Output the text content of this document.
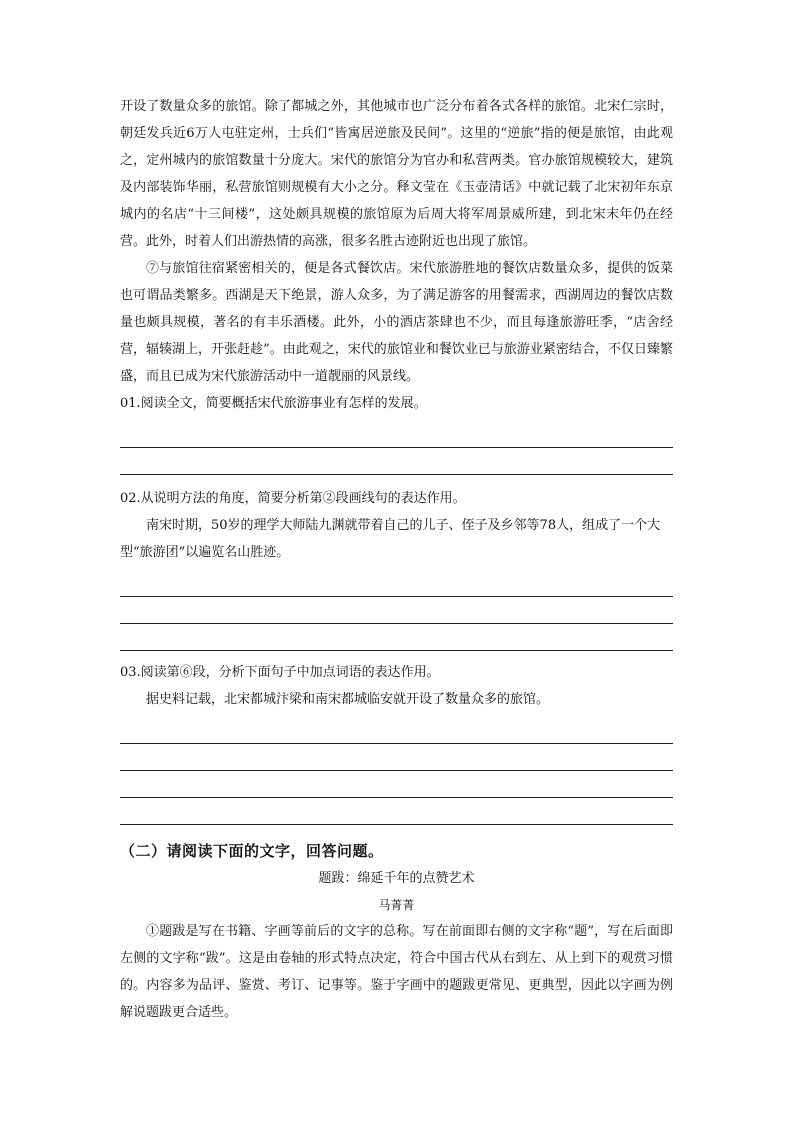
开设了数量众多的旅馆。除了都城之外，其他城市也广泛分布着各式各样的旅馆。北宋仁宗时，朝廷发兵近6万人屯驻定州，士兵们“皆寓居逆旅及民间”。这里的“逆旅”指的便是旅馆，由此观之，定州城内的旅馆数量十分庞大。宋代的旅馆分为官办和私营两类。官办旅馆规模较大，建筑及内部装饰华丽，私营旅馆则规模有大小之分。释文莹在《玉壶清话》中就记载了北宋初年东京城内的名店“十三间楼”，这处颇具规模的旅馆原为后周大将军周景威所建，到北宋末年仍在经营。此外，时着人们出游热情的高涨，很多名胜古迹附近也出现了旅馆。

⑦与旅馆往宿紧密相关的，便是各式餐饮店。宋代旅游胜地的餐饮店数量众多，提供的饭菜也可谓品类繁多。西湖是天下绝景，游人众多，为了满足游客的用餐需求，西湖周边的餐饮店数量也颇具规模，著名的有丰乐酒楼。此外，小的酒店茶肆也不少，而且每逢旅游旺季，“店舍经营，辐辏湖上，开张赶趁”。由此观之，宋代的旅馆业和餐饮业已与旅游业紧密结合，不仅日臻繁盛，而且已成为宋代旅游活动中一道靓丽的风景线。

01.阅读全文，简要概括宋代旅游事业有怎样的发展。

02.从说明方法的角度，简要分析第②段画线句的表达作用。

南宋时期，50岁的理学大师陆九渊就带着自己的儿子、侄子及乡邻等78人，组成了一个大型“旅游团”以遍览名山胜迹。

03.阅读第⑥段，分析下面句子中加点词语的表达作用。

据史料记载，北宋都城汴梁和南宋都城临安就开设了数量众多的旅馆。

（二）请阅读下面的文字，回答问题。

题跋：绵延千年的点赞艺术

马菁菁

①题跋是写在书籍、字画等前后的文字的总称。写在前面即右侧的文字称“题”，写在后面即左侧的文字称“跋”。这是由卷轴的形式特点决定，符合中国古代从右到左、从上到下的观赏习惯的。内容多为品评、鉴赏、考订、记事等。鉴于字画中的题跋更常见、更典型，因此以字画为例解说题跋更合适些。
